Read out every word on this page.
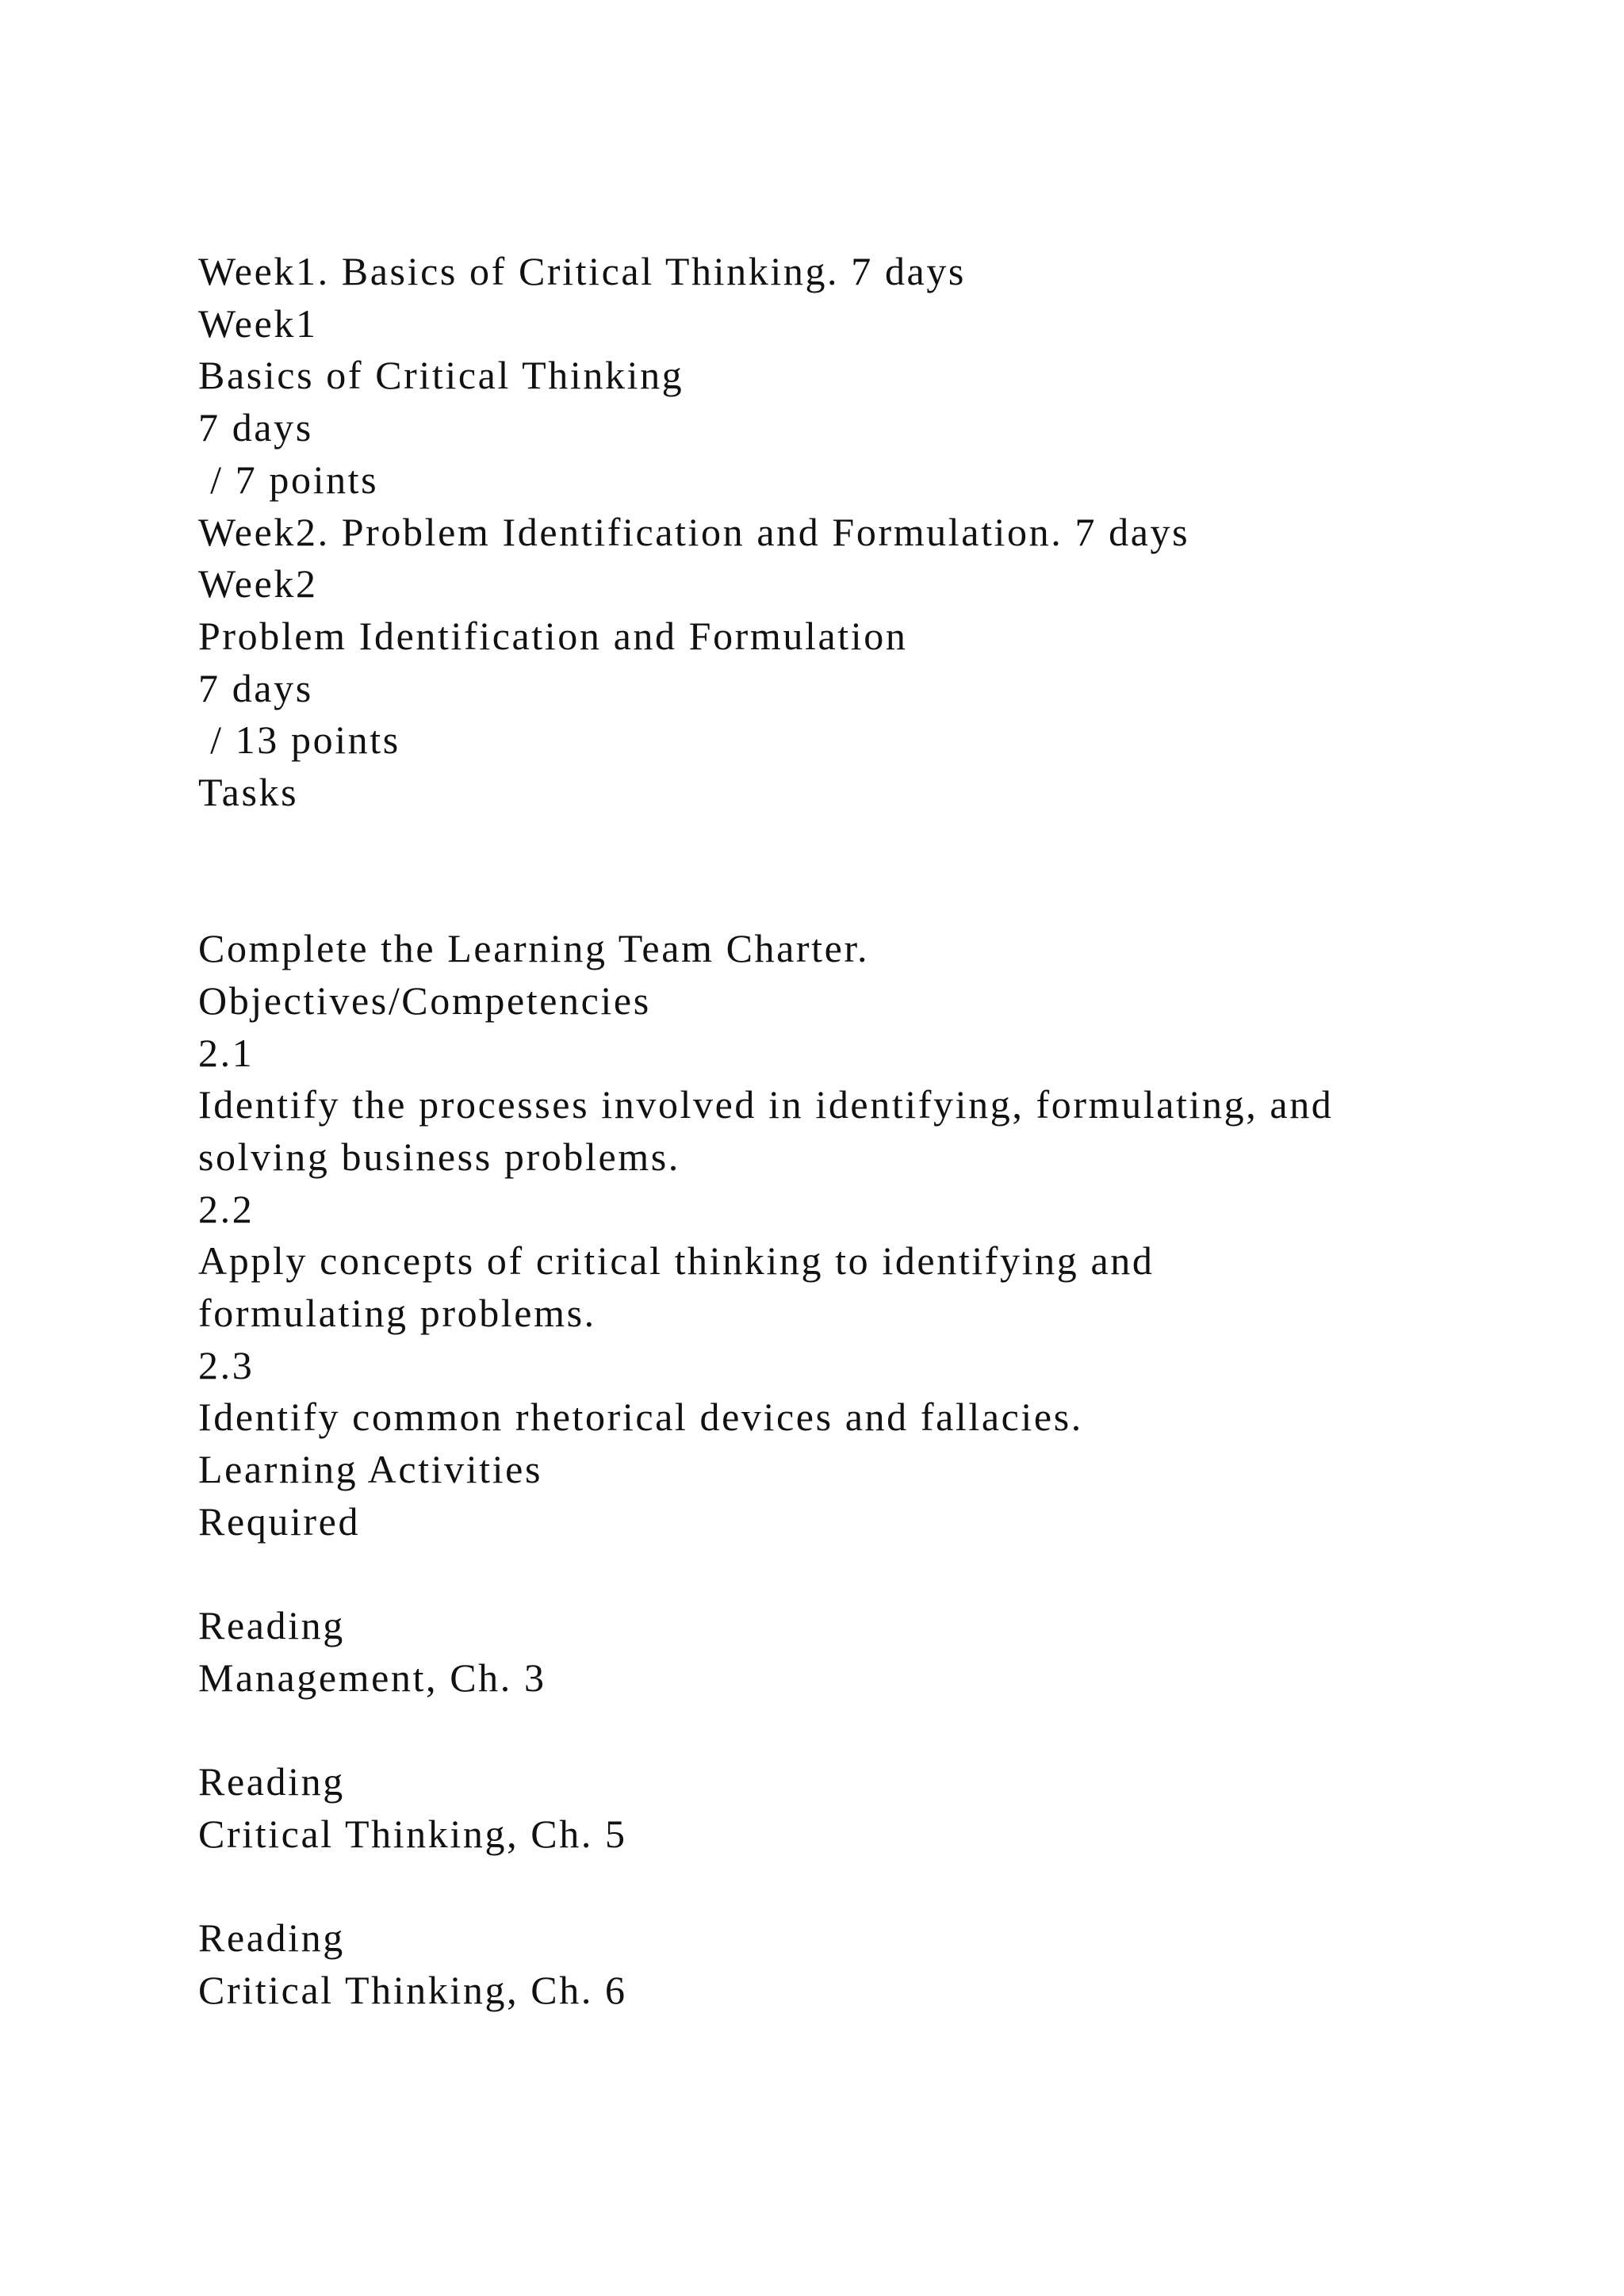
Week1. Basics of Critical Thinking. 7 days
Week1
Basics of Critical Thinking
7 days
/ 7 points
Week2. Problem Identification and Formulation. 7 days
Week2
Problem Identification and Formulation
7 days
/ 13 points
Tasks
Complete the Learning Team Charter.
Objectives/Competencies
2.1
Identify the processes involved in identifying, formulating, and
solving business problems.
2.2
Apply concepts of critical thinking to identifying and
formulating problems.
2.3
Identify common rhetorical devices and fallacies.
Learning Activities
Required
Reading
Management, Ch. 3
Reading
Critical Thinking, Ch. 5
Reading
Critical Thinking, Ch. 6
